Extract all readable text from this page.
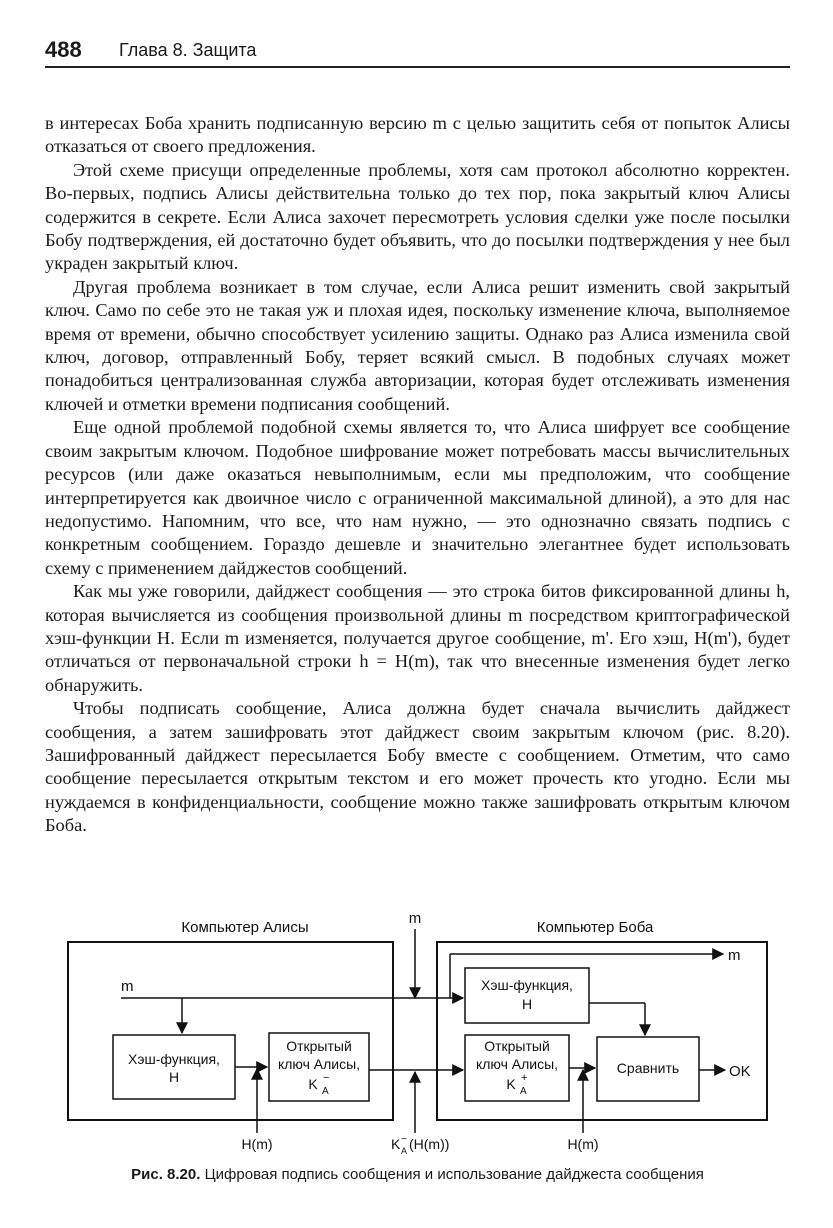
488 Глава 8. Защита

в интересах Боба хранить подписанную версию m с целью защитить себя от попыток Алисы отказаться от своего предложения.

Этой схеме присущи определенные проблемы, хотя сам протокол абсолютно корректен. Во-первых, подпись Алисы действительна только до тех пор, пока закрытый ключ Алисы содержится в секрете. Если Алиса захочет пересмотреть условия сделки уже после посылки Бобу подтверждения, ей достаточно будет объявить, что до посылки подтверждения у нее был украден закрытый ключ.

Другая проблема возникает в том случае, если Алиса решит изменить свой закрытый ключ. Само по себе это не такая уж и плохая идея, поскольку изменение ключа, выполняемое время от времени, обычно способствует усилению защиты. Однако раз Алиса изменила свой ключ, договор, отправленный Бобу, теряет всякий смысл. В подобных случаях может понадобиться централизованная служба авторизации, которая будет отслеживать изменения ключей и отметки времени подписания сообщений.

Еще одной проблемой подобной схемы является то, что Алиса шифрует все сообщение своим закрытым ключом. Подобное шифрование может потребовать массы вычислительных ресурсов (или даже оказаться невыполнимым, если мы предположим, что сообщение интерпретируется как двоичное число с ограниченной максимальной длиной), а это для нас недопустимо. Напомним, что все, что нам нужно, — это однозначно связать подпись с конкретным сообщением. Гораздо дешевле и значительно элегантнее будет использовать схему с применением дайджестов сообщений.

Как мы уже говорили, дайджест сообщения — это строка битов фиксированной длины h, которая вычисляется из сообщения произвольной длины m посредством криптографической хэш-функции H. Если m изменяется, получается другое сообщение, m'. Его хэш, H(m'), будет отличаться от первоначальной строки h = H(m), так что внесенные изменения будет легко обнаружить.

Чтобы подписать сообщение, Алиса должна будет сначала вычислить дайджест сообщения, а затем зашифровать этот дайджест своим закрытым ключом (рис. 8.20). Зашифрованный дайджест пересылается Бобу вместе с сообщением. Отметим, что само сообщение пересылается открытым текстом и его может прочесть кто угодно. Если мы нуждаемся в конфиденциальности, сообщение можно также зашифровать открытым ключом Боба.

Компьютер Алисы	Компьютер Боба
m
m
m
Хэш-функция,
H
Открытый
ключ Алисы,
K −
A
H(m)	K −
A (H(m))
Хэш-функция,
H
Открытый
ключ Алисы,
K +
A
H(m)
Сравнить	OK
Рис. 8.20. Цифровая подпись сообщения и использование дайджеста сообщения
